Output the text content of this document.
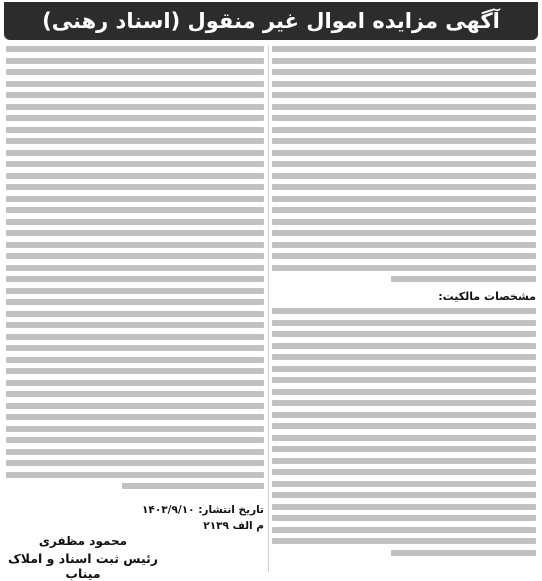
آگهی مزایده اموال غیر منقول (اسناد رهنی)
مشخصات مالکیت:
تاریخ انتشار: ۱۴۰۳/۹/۱۰
م الف ۲۱۳۹
محمود مظفری
رئیس ثبت اسناد و املاک میناب
